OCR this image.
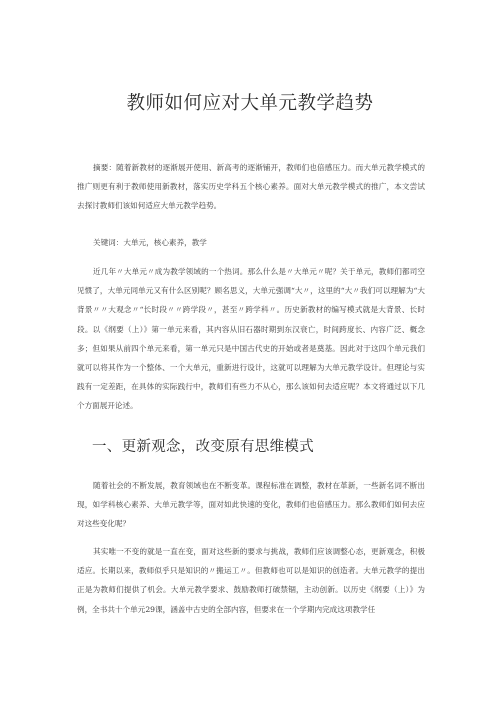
教师如何应对大单元教学趋势

摘要：随着新教材的逐渐展开使用、新高考的逐渐铺开，教师们也倍感压力。而大单元教学模式的推广则更有利于教师使用新教材，落实历史学科五个核心素养。面对大单元教学模式的推广，本文尝试去探讨教师们该如何适应大单元教学趋势。

关键词：大单元，核心素养，教学

近几年〃大单元〃成为教学领域的一个热词。那么什么是〃大单元〃呢？关于单元，教师们都司空见惯了，大单元同单元又有什么区别呢？顾名思义，大单元强调“大〃，这里的“大〃我们可以理解为“大背景〃〃大观念〃“长时段〃〃跨学段〃，甚至〃跨学科〃。历史新教材的编写模式就是大背景、长时段。以《纲要（上）》第一单元来看，其内容从旧石器时期到东汉衰亡，时间跨度长、内容广泛、概念多；但如果从前四个单元来看，第一单元只是中国古代史的开始或者是奠基。因此对于这四个单元我们就可以将其作为一个整体、一个大单元，重新进行设计，这就可以理解为大单元教学设计。但理论与实践有一定差距，在具体的实际践行中，教师们有些力不从心，那么该如何去适应呢？本文将通过以下几个方面展开论述。

一、更新观念，改变原有思维模式

随着社会的不断发展，教育领域也在不断变革。课程标准在调整，教材在革新，一些新名词不断出现，如学科核心素养、大单元教学等，面对如此快速的变化，教师们也倍感压力。那么教师们如何去应对这些变化呢？

其实唯一不变的就是一直在变，面对这些新的要求与挑战，教师们应该调整心态，更新观念，积极适应。长期以来，教师似乎只是知识的〃搬运工〃。但教师也可以是知识的创造者。大单元教学的提出正是为教师们提供了机会。大单元教学要求、鼓励教师打破禁锢，主动创新。以历史《纲要（上）》为例，全书共十个单元29课，涵盖中古史的全部内容，但要求在一个学期内完成这项教学任
